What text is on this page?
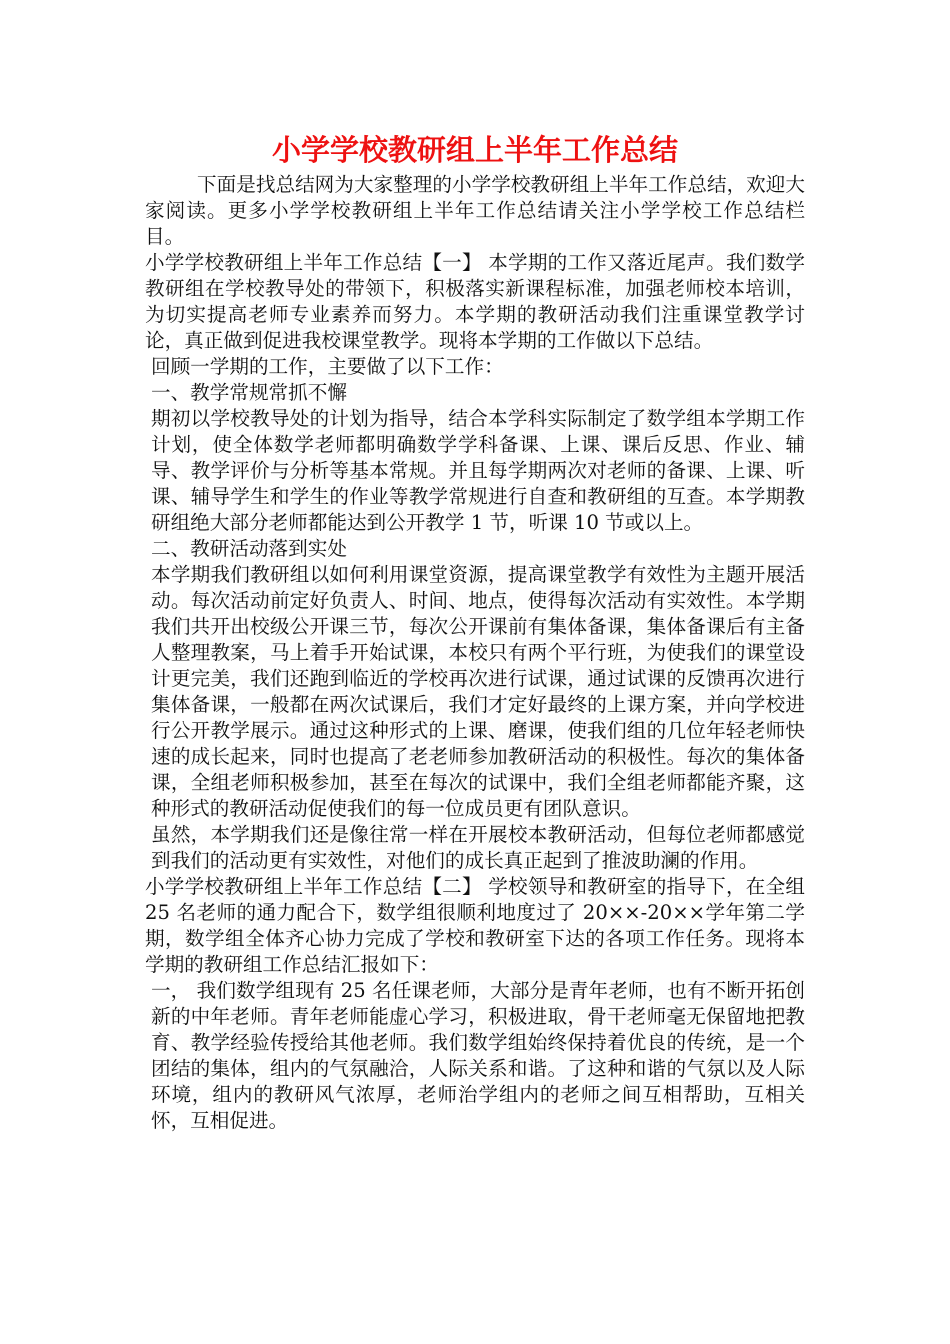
小学学校教研组上半年工作总结

下面是找总结网为大家整理的小学学校教研组上半年工作总结，欢迎大家阅读。更多小学学校教研组上半年工作总结请关注小学学校工作总结栏目。

小学学校教研组上半年工作总结【一】 本学期的工作又落近尾声。我们数学教研组在学校教导处的带领下，积极落实新课程标准，加强老师校本培训，为切实提高老师专业素养而努力。本学期的教研活动我们注重课堂教学讨论，真正做到促进我校课堂教学。现将本学期的工作做以下总结。

回顾一学期的工作，主要做了以下工作：

一、教学常规常抓不懈

期初以学校教导处的计划为指导，结合本学科实际制定了数学组本学期工作计划，使全体数学老师都明确数学学科备课、上课、课后反思、作业、辅导、教学评价与分析等基本常规。并且每学期两次对老师的备课、上课、听课、辅导学生和学生的作业等教学常规进行自查和教研组的互查。本学期教研组绝大部分老师都能达到公开教学 1 节，听课 10 节或以上。

二、教研活动落到实处

本学期我们教研组以如何利用课堂资源，提高课堂教学有效性为主题开展活动。每次活动前定好负责人、时间、地点，使得每次活动有实效性。本学期我们共开出校级公开课三节，每次公开课前有集体备课，集体备课后有主备人整理教案，马上着手开始试课，本校只有两个平行班，为使我们的课堂设计更完美，我们还跑到临近的学校再次进行试课，通过试课的反馈再次进行集体备课，一般都在两次试课后，我们才定好最终的上课方案，并向学校进行公开教学展示。通过这种形式的上课、磨课，使我们组的几位年轻老师快速的成长起来，同时也提高了老老师参加教研活动的积极性。每次的集体备课，全组老师积极参加，甚至在每次的试课中，我们全组老师都能齐聚，这种形式的教研活动促使我们的每一位成员更有团队意识。

虽然，本学期我们还是像往常一样在开展校本教研活动，但每位老师都感觉到我们的活动更有实效性，对他们的成长真正起到了推波助澜的作用。

小学学校教研组上半年工作总结【二】 学校领导和教研室的指导下，在全组 25 名老师的通力配合下，数学组很顺利地度过了 20××-20××学年第二学期，数学组全体齐心协力完成了学校和教研室下达的各项工作任务。现将本学期的教研组工作总结汇报如下：

一， 我们数学组现有 25 名任课老师，大部分是青年老师，也有不断开拓创新的中年老师。青年老师能虚心学习，积极进取，骨干老师毫无保留地把教育、教学经验传授给其他老师。我们数学组始终保持着优良的传统，是一个团结的集体，组内的气氛融洽，人际关系和谐。了这种和谐的气氛以及人际环境，组内的教研风气浓厚，老师治学组内的老师之间互相帮助，互相关怀，互相促进。
